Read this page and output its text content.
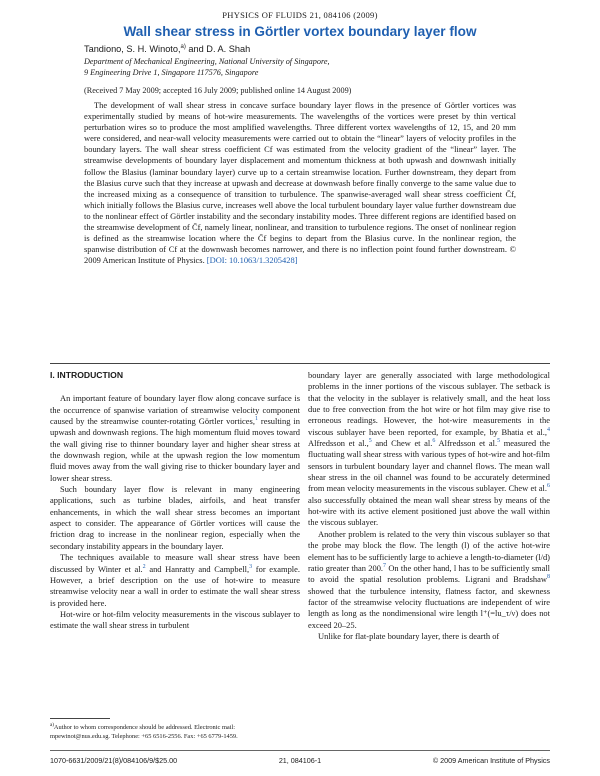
PHYSICS OF FLUIDS 21, 084106 (2009)
Wall shear stress in Görtler vortex boundary layer flow
Tandiono, S. H. Winoto,$^{a)}$ and D. A. Shah
Department of Mechanical Engineering, National University of Singapore,
9 Engineering Drive 1, Singapore 117576, Singapore
(Received 7 May 2009; accepted 16 July 2009; published online 14 August 2009)
The development of wall shear stress in concave surface boundary layer flows in the presence of Görtler vortices was experimentally studied by means of hot-wire measurements. The wavelengths of the vortices were preset by thin vertical perturbation wires so to produce the most amplified wavelengths. Three different vortex wavelengths of 12, 15, and 20 mm were considered, and near-wall velocity measurements were carried out to obtain the “linear” layers of velocity profiles in the boundary layers. The wall shear stress coefficient Cf was estimated from the velocity gradient of the “linear” layer. The streamwise developments of boundary layer displacement and momentum thickness at both upwash and downwash initially follow the Blasius (laminar boundary layer) curve up to a certain streamwise location. Further downstream, they depart from the Blasius curve such that they increase at upwash and decrease at downwash before finally converge to the same value due to the increased mixing as a consequence of transition to turbulence. The spanwise-averaged wall shear stress coefficient C̄f, which initially follows the Blasius curve, increases well above the local turbulent boundary layer value further downstream due to the nonlinear effect of Görtler instability and the secondary instability modes. Three different regions are identified based on the streamwise development of C̄f, namely linear, nonlinear, and transition to turbulence regions. The onset of nonlinear region is defined as the streamwise location where the C̄f begins to depart from the Blasius curve. In the nonlinear region, the spanwise distribution of Cf at the downwash becomes narrower, and there is no inflection point found further downstream. © 2009 American Institute of Physics. [DOI: 10.1063/1.3205428]

I. INTRODUCTION

An important feature of boundary layer flow along concave surface is the occurrence of spanwise variation of streamwise velocity component caused by the streamwise counter-rotating Görtler vortices,$^1$ resulting in upwash and downwash regions. The high momentum fluid moves toward the wall giving rise to thinner boundary layer and higher shear stress at the downwash region, while at the upwash region the low momentum fluid moves away from the wall giving rise to thicker boundary layer and lower shear stress.

Such boundary layer flow is relevant in many engineering applications, such as turbine blades, airfoils, and heat transfer enhancements, in which the wall shear stress becomes an important aspect to consider. The appearance of Görtler vortices will cause the friction drag to increase in the nonlinear region, especially when the secondary instability appears in the boundary layer.

The techniques available to measure wall shear stress have been discussed by Winter et al.$^2$ and Hanratty and Campbell,$^3$ for example. However, a brief description on the use of hot-wire to measure streamwise velocity near a wall in order to estimate the wall shear stress is provided here.

Hot-wire or hot-film velocity measurements in the viscous sublayer to estimate the wall shear stress in turbulent

boundary layer are generally associated with large methodological problems in the inner portions of the viscous sublayer. The setback is that the velocity in the sublayer is relatively small, and the heat loss due to free convection from the hot wire or hot film may give rise to erroneous readings. However, the hot-wire measurements in the viscous sublayer have been reported, for example, by Bhatia et al.,$^4$ Alfredsson et al.,$^5$ and Chew et al.$^6$ Alfredsson et al.$^5$ measured the fluctuating wall shear stress with various types of hot-wire and hot-film sensors in turbulent boundary layer and channel flows. The mean wall shear stress in the oil channel was found to be accurately determined from mean velocity measurements in the viscous sublayer. Chew et al.$^6$ also successfully obtained the mean wall shear stress by means of the hot-wire with its active element positioned just above the wall within the viscous sublayer.

Another problem is related to the very thin viscous sublayer so that the probe may block the flow. The length (l) of the active hot-wire element has to be sufficiently large to achieve a length-to-diameter (l/d) ratio greater than 200.$^7$ On the other hand, l has to be sufficiently small to avoid the spatial resolution problems. Ligrani and Bradshaw$^8$ showed that the turbulence intensity, flatness factor, and skewness factor of the streamwise velocity fluctuations are independent of wire length as long as the nondimensional wire length l⁺(=lu_τ/ν) does not exceed 20–25.

Unlike for flat-plate boundary layer, there is dearth of

$^{a)}$Author to whom correspondence should be addressed. Electronic mail: mpewinot@nus.edu.sg. Telephone: +65 6516-2556. Fax: +65 6779-1459.
1070-6631/2009/21(8)/084106/9/$25.00	21, 084106-1	© 2009 American Institute of Physics
